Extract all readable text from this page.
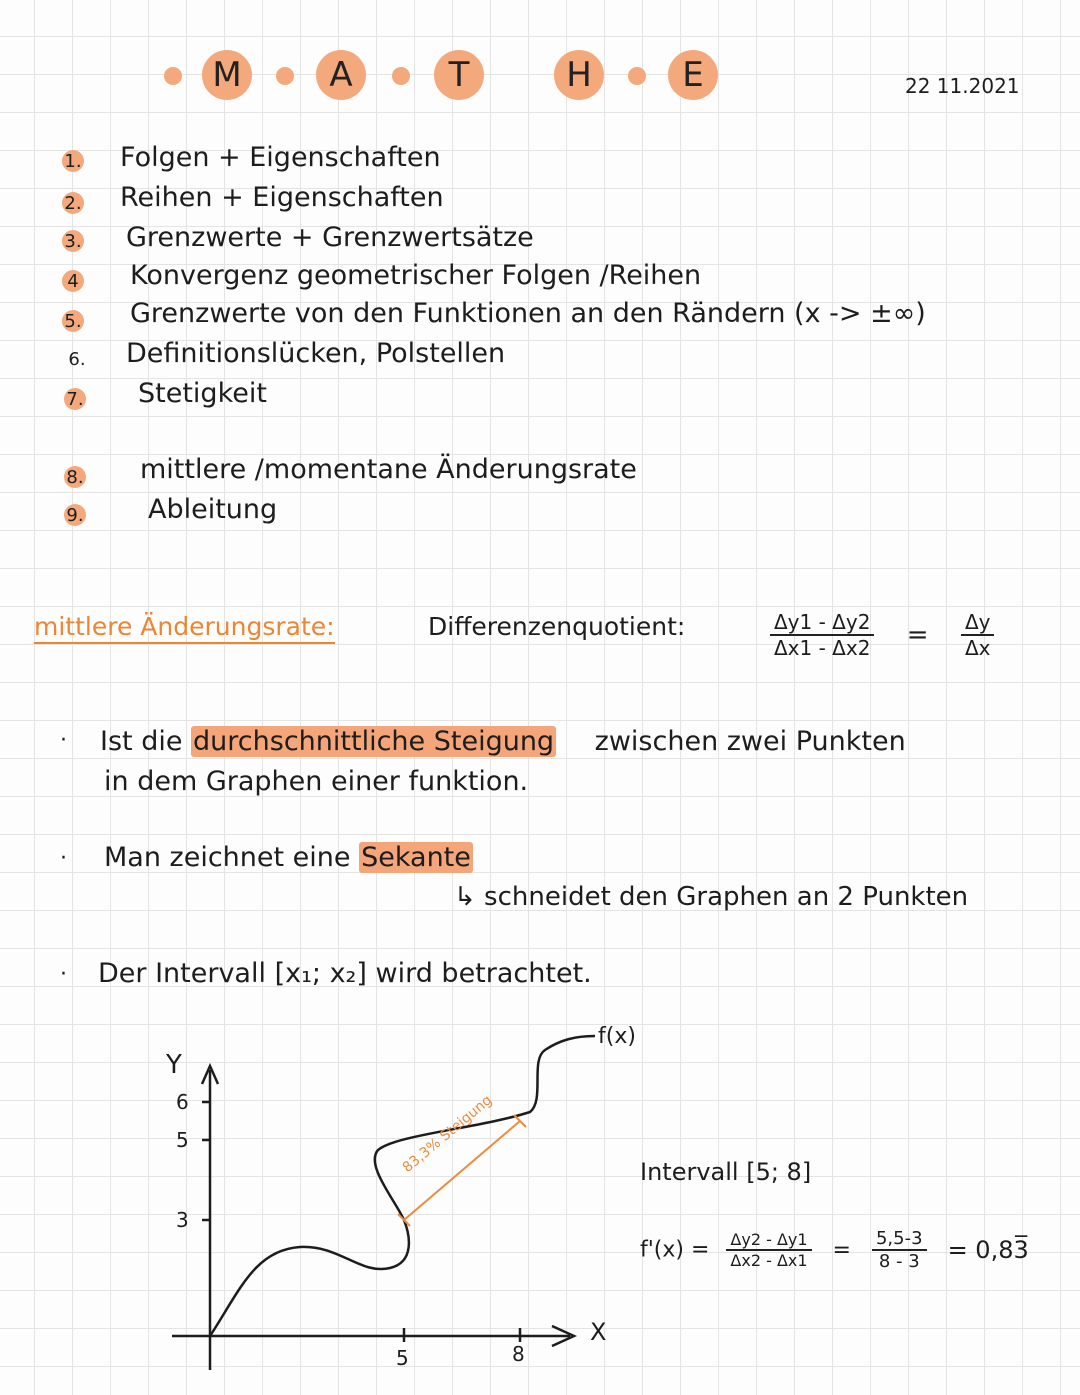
M	A	T	H	E	22 11.2021
1. Folgen + Eigenschaften
2. Reihen + Eigenschaften
3. Grenzwerte + Grenzwertsätze
4 Konvergenz geometrischer Folgen /Reihen
5. Grenzwerte von den Funktionen an den Rändern (x -> ±∞)
6. Definitionslücken, Polstellen
7. Stetigkeit
8. mittlere /momentane Änderungsrate
9. Ableitung
mittlere Änderungsrate:	Differenzenquotient:	$\frac{\Delta y1 - \Delta y2}{\Delta x1 - \Delta x2} = \frac{\Delta y}{\Delta x}$
· Ist die durchschnittliche Steigung zwischen zwei Punkten
in dem Graphen einer funktion.
· Man zeichnet eine Sekante
↳ schneidet den Graphen an 2 Punkten
· Der Intervall [x₁; x₂] wird betrachtet.
Y
X
f(x)
6
5
3
5	8
83,3% Steigung	Intervall [5; 8]
$f'(x) = \frac{\Delta y2 - \Delta y1}{\Delta x2 - \Delta x1} = \frac{5,5-3}{8 - 3}$ = 0,83̅
